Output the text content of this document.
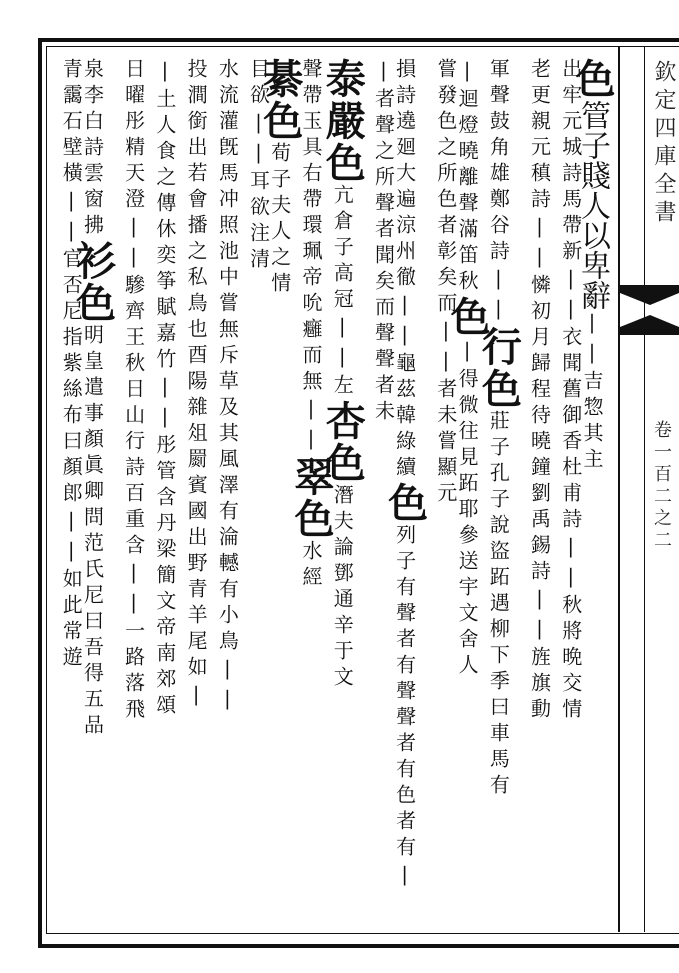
欽定四庫全書
卷一百二之二
色管子賤人以卑辭||吉惣其主
出牢元城詩馬帶新||衣聞舊御香杜甫詩||秋將晩交情
老更親元稹詩||憐初月歸程待曉鐘劉禹錫詩||旌旗動
軍聲鼓角雄鄭谷詩||行色莊子孔子說盜跖遇柳下季曰車馬有
|迴燈曉離聲滿笛秋色|得微往見跖耶參送宇文舍人
嘗發色之所色者彰矣而||者未嘗顯元
損詩遶廻大遍涼州徹||龜茲韓綠續色列子有聲者有聲聲者有色者有|
|者聲之所聲者聞矣而聲聲者未
泰嚴色亢倉子高冠||左杏色潛夫論鄧通辛于文
聲帶玉具右帶環珮帝吮癰而無||翠色水經
綦色荀子夫人之情
目欲||耳欲注清
水流灌旣馬冲照池中嘗無斥草及其風澤有淪轗有小鳥||
投澗銜出若會播之私鳥也酉陽雜俎罽賓國出野青羊尾如|
|土人食之傳休奕筝賦嘉竹||彤管含丹梁簡文帝南郊頌
日曜彤精天澄||驂齊王秋日山行詩百重含||一路落飛
泉李白詩雲窗拂衫色明皇遣事顏眞卿問范氏尼曰吾得五品
青靄石壁橫||官否尼指紫絲布曰顏郎||如此常遊
